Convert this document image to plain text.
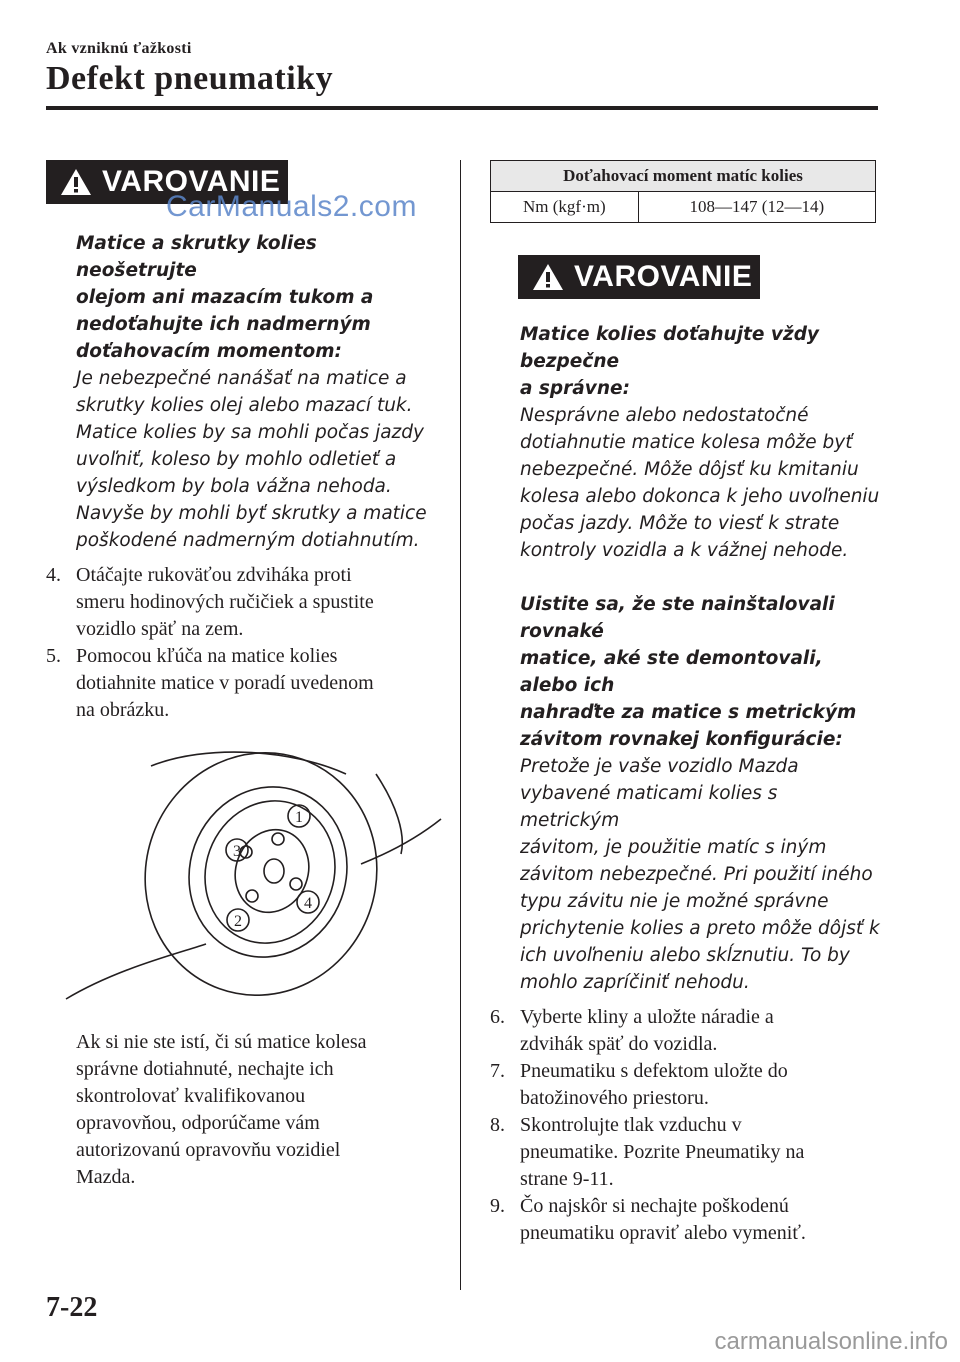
Ak vzniknú ťažkosti
Defekt pneumatiky
VAROVANIE
CarManuals2.com

Matice a skrutky kolies neošetrujte

olejom ani mazacím tukom a

nedoťahujte ich nadmerným

doťahovacím momentom:

Je nebezpečné nanášať na matice a

skrutky kolies olej alebo mazací tuk.

Matice kolies by sa mohli počas jazdy

uvoľniť, koleso by mohlo odletieť a

výsledkom by bola vážna nehoda.

Navyše by mohli byť skrutky a matice

poškodené nadmerným dotiahnutím.

4. Otáčajte rukoväťou zdviháka proti
smeru hodinových ručičiek a spustite
vozidlo späť na zem.
5. Pomocou kľúča na matice kolies
dotiahnite matice v poradí uvedenom
na obrázku.
1
2
3
4
Ak si nie ste istí, či sú matice kolesa
správne dotiahnuté, nechajte ich
skontrolovať kvalifikovanou
opravovňou, odporúčame vám
autorizovanú opravovňu vozidiel
Mazda.
Doťahovací moment matíc kolies
Nm (kgf·m)	108—147 (12—14)
VAROVANIE

Matice kolies doťahujte vždy bezpečne

a správne:

Nesprávne alebo nedostatočné

dotiahnutie matice kolesa môže byť

nebezpečné. Môže dôjsť ku kmitaniu

kolesa alebo dokonca k jeho uvoľneniu

počas jazdy. Môže to viesť k strate

kontroly vozidla a k vážnej nehode.

Uistite sa, že ste nainštalovali rovnaké

matice, aké ste demontovali, alebo ich

nahraďte za matice s metrickým

závitom rovnakej konfigurácie:

Pretože je vaše vozidlo Mazda

vybavené maticami kolies s metrickým

závitom, je použitie matíc s iným

závitom nebezpečné. Pri použití iného

typu závitu nie je možné správne

prichytenie kolies a preto môže dôjsť k

ich uvoľneniu alebo skĺznutiu. To by

mohlo zapríčiniť nehodu.

6. Vyberte kliny a uložte náradie a
zdvihák späť do vozidla.
7. Pneumatiku s defektom uložte do
batožinového priestoru.
8. Skontrolujte tlak vzduchu v
pneumatike. Pozrite Pneumatiky na
strane 9-11.
9. Čo najskôr si nechajte poškodenú
pneumatiku opraviť alebo vymeniť.
7-22
carmanualsonline.info
